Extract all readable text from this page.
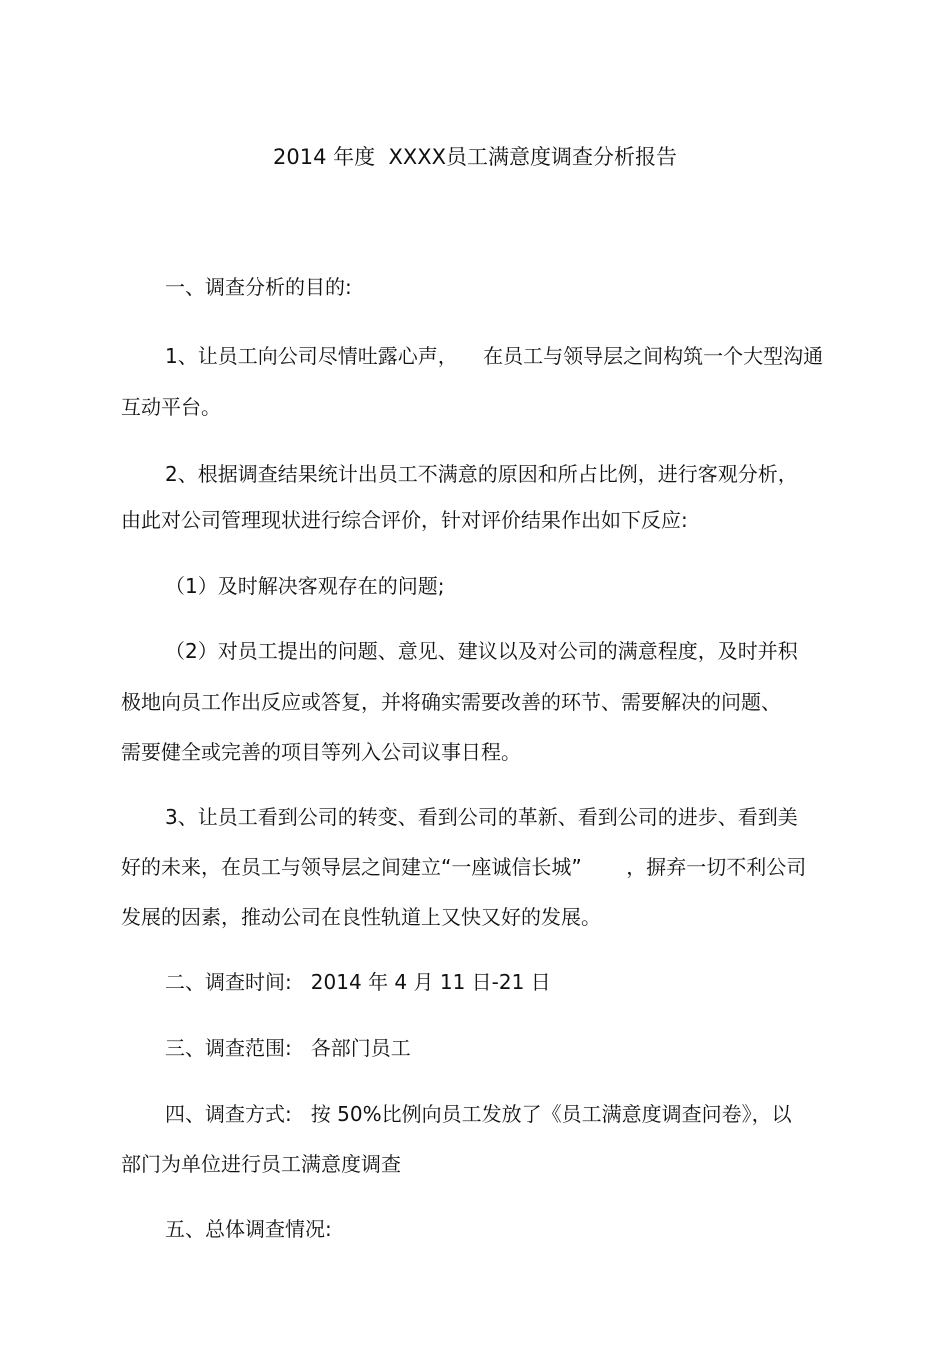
2014 年度  XXXX员工满意度调查分析报告

一、调查分析的目的:

1、让员工向公司尽情吐露心声，    在员工与领导层之间构筑一个大型沟通

互动平台。

2、根据调查结果统计出员工不满意的原因和所占比例，进行客观分析，

由此对公司管理现状进行综合评价，针对评价结果作出如下反应:

（1）及时解决客观存在的问题;

（2）对员工提出的问题、意见、建议以及对公司的满意程度，及时并积

极地向员工作出反应或答复，并将确实需要改善的环节、需要解决的问题、

需要健全或完善的项目等列入公司议事日程。

3、让员工看到公司的转变、看到公司的革新、看到公司的进步、看到美

好的未来，在员工与领导层之间建立“一座诚信长城”       ，摒弃一切不利公司

发展的因素，推动公司在良性轨道上又快又好的发展。

二、调查时间:   2014 年 4 月 11 日-21 日

三、调查范围:   各部门员工

四、调查方式:   按 50%比例向员工发放了《员工满意度调查问卷》，以

部门为单位进行员工满意度调查

五、总体调查情况:
